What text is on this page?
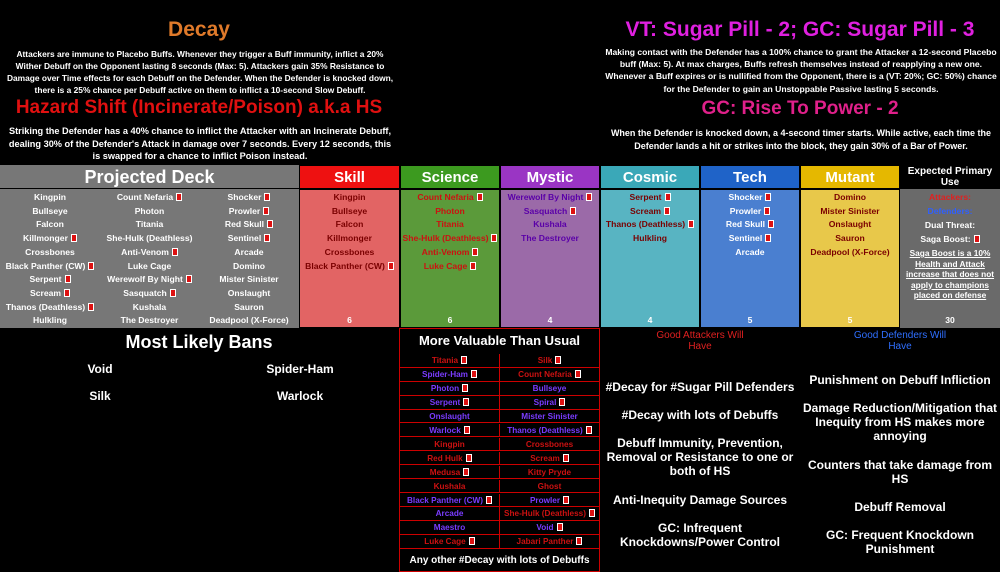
Decay
Attackers are immune to Placebo Buffs. Whenever they trigger a Buff immunity, inflict a 20% Wither Debuff on the Opponent lasting 8 seconds (Max: 5). Attackers gain 35% Resistance to Damage over Time effects for each Debuff on the Defender. When the Defender is knocked down, there is a 25% chance per Debuff active on them to inflict a 10-second Slow Debuff.
Hazard Shift (Incinerate/Poison) a.k.a HS
Striking the Defender has a 40% chance to inflict the Attacker with an Incinerate Debuff, dealing 30% of the Defender's Attack in damage over 7 seconds. Every 12 seconds, this is swapped for a chance to inflict Poison instead.
VT: Sugar Pill - 2; GC: Sugar Pill - 3
Making contact with the Defender has a 100% chance to grant the Attacker a 12-second Placebo buff (Max: 5). At max charges, Buffs refresh themselves instead of reapplying a new one. Whenever a Buff expires or is nullified from the Opponent, there is a (VT: 20%; GC: 50%) chance for the Defender to gain an Unstoppable Passive lasting 5 seconds.
GC: Rise To Power - 2
When the Defender is knocked down, a 4-second timer starts. While active, each time the Defender lands a hit or strikes into the block, they gain 30% of a Bar of Power.
Projected Deck
Kingpin	Count Nefaria	Shocker
Bullseye	Photon	Prowler
Falcon	Titania	Red Skull
Killmonger	She-Hulk (Deathless)	Sentinel
Crossbones	Anti-Venom	Arcade
Black Panther (CW)	Luke Cage	Domino
Serpent	Werewolf By Night	Mister Sinister
Scream	Sasquatch	Onslaught
Thanos (Deathless)	Kushala	Sauron
Hulkling	The Destroyer	Deadpool (X-Force)
Skill
Kingpin
Bullseye
Falcon
Killmonger
Crossbones
Black Panther (CW)
6
Science
Count Nefaria
Photon
Titania
She-Hulk (Deathless)
Anti-Venom
Luke Cage
6
Mystic
Werewolf By Night
Sasquatch
Kushala
The Destroyer
4
Cosmic
Serpent
Scream
Thanos (Deathless)
Hulkling
4
Tech
Shocker
Prowler
Red Skull
Sentinel
Arcade
5
Mutant
Domino
Mister Sinister
Onslaught
Sauron
Deadpool (X-Force)
5
Expected Primary Use
Attackers:
Defenders:
Dual Threat:
Saga Boost:
Saga Boost is a 10% Health and Attack increase that does not apply to champions placed on defense
30
Most Likely Bans
Void	Spider-Ham
Silk	Warlock
More Valuable Than Usual
Titania	Silk
Spider-Ham	Count Nefaria
Photon	Bullseye
Serpent	Spiral
Onslaught	Mister Sinister
Warlock	Thanos (Deathless)
Kingpin	Crossbones
Red Hulk	Scream
Medusa	Kitty Pryde
Kushala	Ghost
Black Panther (CW)	Prowler
Arcade	She-Hulk (Deathless)
Maestro	Void
Luke Cage	Jabari Panther
Any other #Decay with lots of Debuffs
Good Attackers Will Have
#Decay for #Sugar Pill Defenders
#Decay with lots of Debuffs
Debuff Immunity, Prevention, Removal or Resistance to one or both of HS
Anti-Inequity Damage Sources
GC: Infrequent Knockdowns/Power Control
Good Defenders Will Have
Punishment on Debuff Infliction
Damage Reduction/Mitigation that Inequity from HS makes more annoying
Counters that take damage from HS
Debuff Removal
GC: Frequent Knockdown Punishment
